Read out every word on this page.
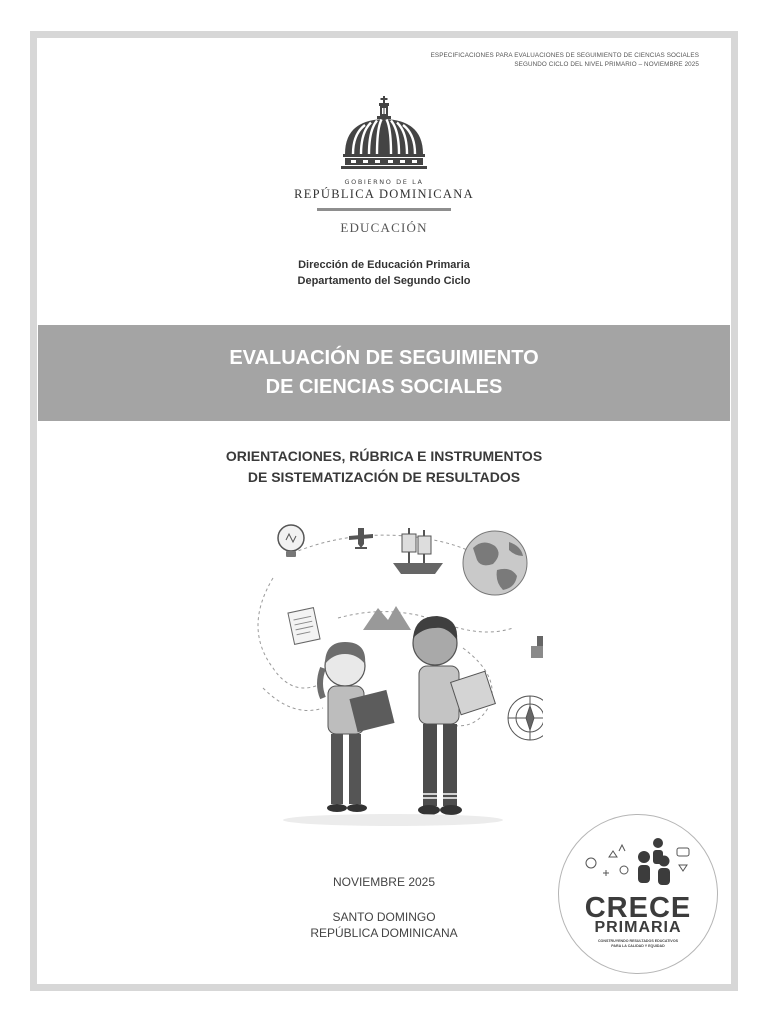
ESPECIFICACIONES PARA EVALUACIONES DE SEGUIMIENTO DE CIENCIAS SOCIALES
SEGUNDO CICLO DEL NIVEL PRIMARIO – NOVIEMBRE 2025
GOBIERNO DE LA
REPÚBLICA DOMINICANA
EDUCACIÓN
Dirección de Educación Primaria
Departamento del Segundo Ciclo
EVALUACIÓN DE SEGUIMIENTO
DE CIENCIAS SOCIALES
ORIENTACIONES, RÚBRICA E INSTRUMENTOS
DE SISTEMATIZACIÓN DE RESULTADOS
NOVIEMBRE 2025
SANTO DOMINGO
REPÚBLICA DOMINICANA
CRECE
PRIMARIA
CONSTRUYENDO RESULTADOS EDUCATIVOS
PARA LA CALIDAD Y EQUIDAD
